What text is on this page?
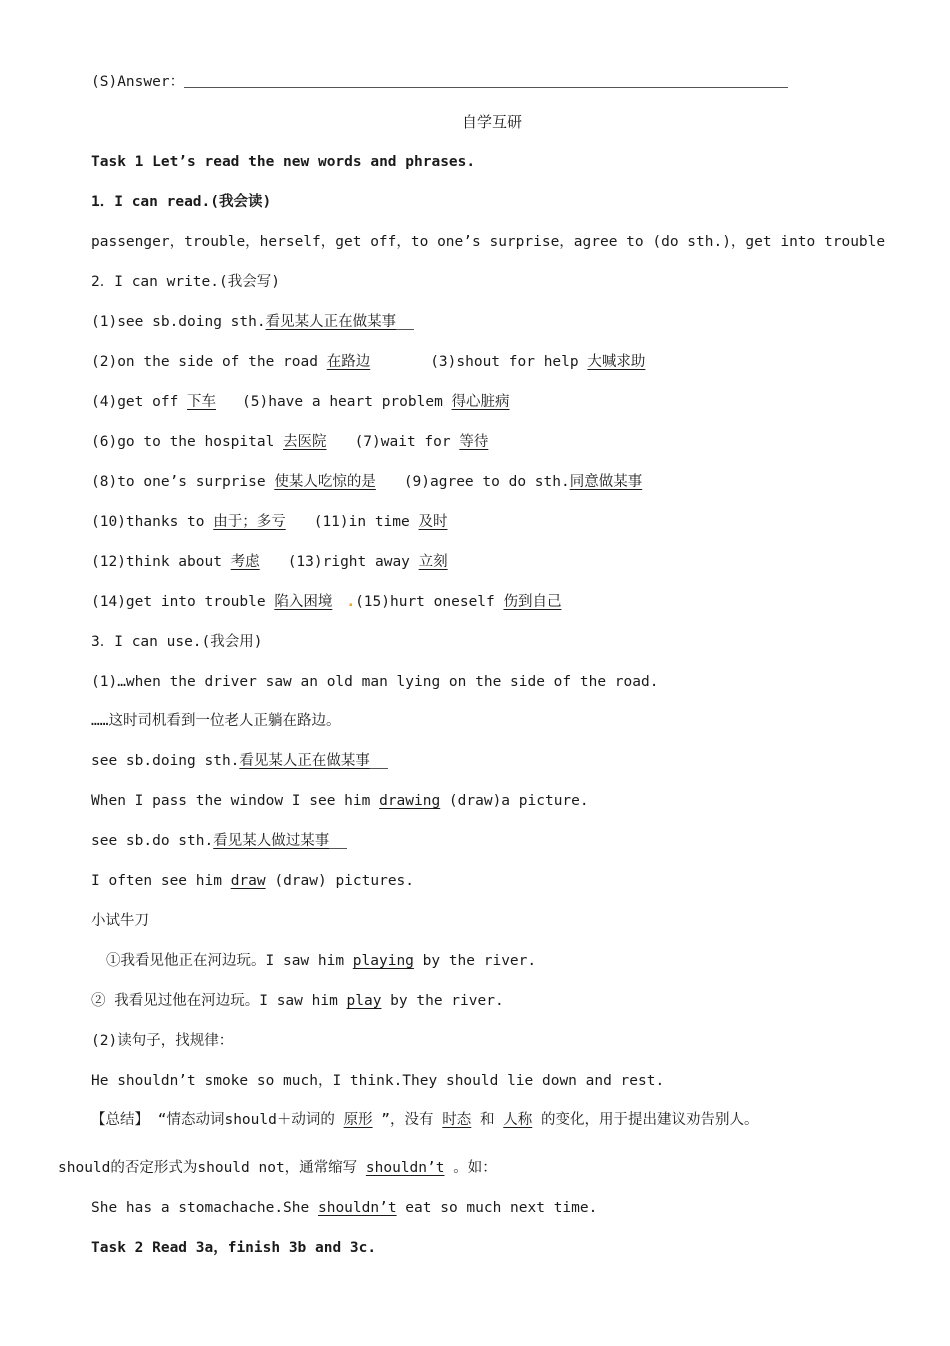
(S)Answer：
自学互研
Task 1 Let’s read the new words and phrases.
1．I can read.(我会读)
passenger，trouble，herself，get off，to one’s surprise，agree to (do sth.)，get into trouble
2．I can write.(我会写)
(1)see sb.doing sth.看见某人正在做某事
(2)on the side of the road 在路边	(3)shout for help 大喊求助
(4)get off 下车 (5)have a heart problem 得心脏病
(6)go to the hospital 去医院 (7)wait for 等待
(8)to one’s surprise 使某人吃惊的是 (9)agree to do sth.同意做某事
(10)thanks to 由于；多亏 (11)in time 及时
(12)think about 考虑 (13)right away 立刻
(14)get into trouble 陷入困境 .(15)hurt oneself 伤到自己
3．I can use.(我会用)
(1)…when the driver saw an old man lying on the side of the road.
……这时司机看到一位老人正躺在路边。
see sb.doing sth.看见某人正在做某事
When I pass the window I see him drawing (draw)a picture.
see sb.do sth.看见某人做过某事
I often see him draw (draw) pictures.
小试牛刀
①我看见他正在河边玩。I saw him playing by the river.
② 我看见过他在河边玩。I saw him play by the river.
(2)读句子，找规律：
He shouldn’t smoke so much，I think.They should lie down and rest.
【总结】 “情态动词should＋动词的 原形 ”，没有 时态 和 人称 的变化，用于提出建议劝告别人。
should的否定形式为should not，通常缩写 shouldn’t 。如：
She has a stomachache.She shouldn’t eat so much next time.
Task 2 Read 3a，finish 3b and 3c.
